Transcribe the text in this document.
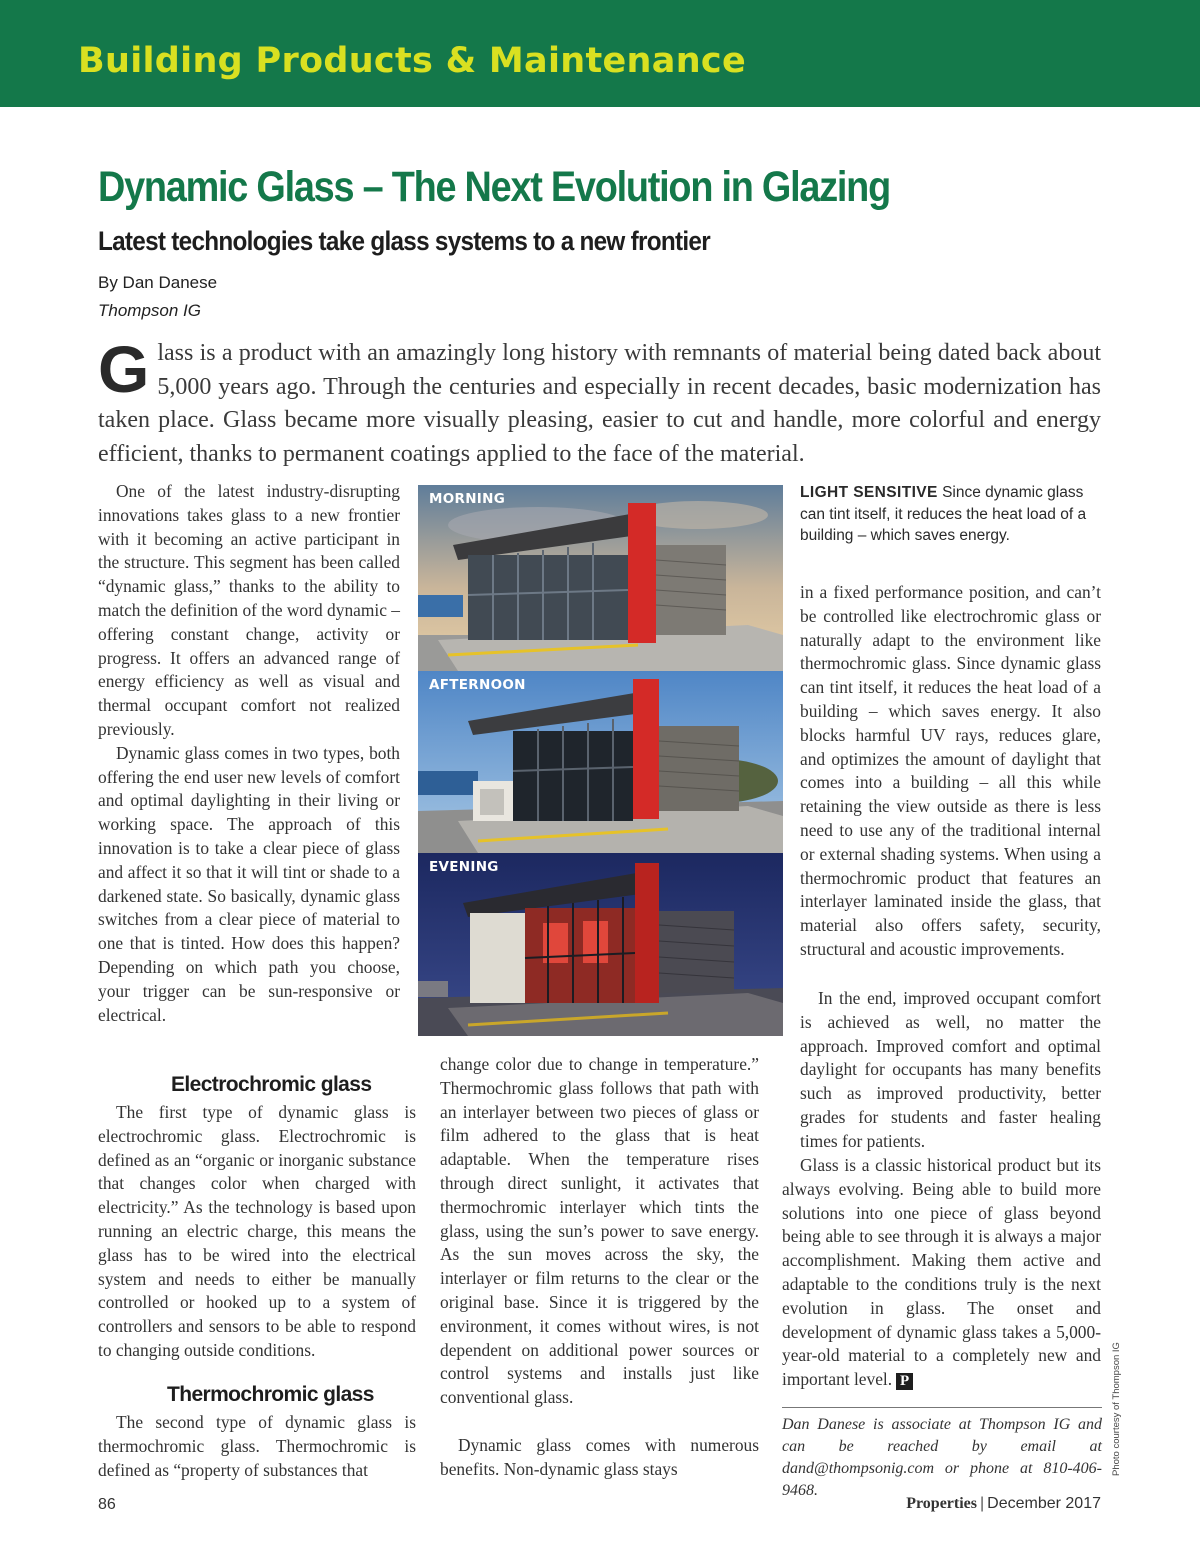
Building Products & Maintenance
Dynamic Glass – The Next Evolution in Glazing
Latest technologies take glass systems to a new frontier
By Dan Danese
Thompson IG

Glass is a product with an amazingly long history with remnants of material being dated back about 5,000 years ago. Through the centuries and especially in recent decades, basic modernization has taken place. Glass became more visually pleasing, easier to cut and handle, more colorful and energy efficient, thanks to permanent coatings applied to the face of the material.

One of the latest industry-disrupting innovations takes glass to a new frontier with it becoming an active participant in the structure. This segment has been called “dynamic glass,” thanks to the ability to match the definition of the word dynamic – offering constant change, activity or progress. It offers an advanced range of energy efficiency as well as visual and thermal occupant comfort not realized previously.

Dynamic glass comes in two types, both offering the end user new levels of comfort and optimal daylighting in their living or working space. The approach of this innovation is to take a clear piece of glass and affect it so that it will tint or shade to a darkened state. So basically, dynamic glass switches from a clear piece of material to one that is tinted. How does this happen? Depending on which path you choose, your trigger can be sun-responsive or electrical.

Electrochromic glass

The first type of dynamic glass is electrochromic glass. Electrochromic is defined as an “organic or inorganic substance that changes color when charged with electricity.” As the technology is based upon running an electric charge, this means the glass has to be wired into the electrical system and needs to either be manually controlled or hooked up to a system of controllers and sensors to be able to respond to changing outside conditions.

Thermochromic glass

The second type of dynamic glass is thermochromic glass. Thermochromic is defined as “property of substances that

MORNING
AFTERNOON
EVENING

change color due to change in temperature.” Thermochromic glass follows that path with an interlayer between two pieces of glass or film adhered to the glass that is heat adaptable. When the temperature rises through direct sunlight, it activates that thermochromic interlayer which tints the glass, using the sun’s power to save energy. As the sun moves across the sky, the interlayer or film returns to the clear or the original base. Since it is triggered by the environment, it comes without wires, is not dependent on additional power sources or control systems and installs just like conventional glass.

Dynamic glass comes with numerous benefits. Non-dynamic glass stays

LIGHT SENSITIVE Since dynamic glass can tint itself, it reduces the heat load of a building – which saves energy.

in a fixed performance position, and can’t be controlled like electrochromic glass or naturally adapt to the environment like thermochromic glass. Since dynamic glass can tint itself, it reduces the heat load of a building – which saves energy. It also blocks harmful UV rays, reduces glare, and optimizes the amount of daylight that comes into a building – all this while retaining the view outside as there is less need to use any of the traditional internal or external shading systems. When using a thermochromic product that features an interlayer laminated inside the glass, that material also offers safety, security, structural and acoustic improvements.

In the end, improved occupant comfort is achieved as well, no matter the approach. Improved comfort and optimal daylight for occupants has many benefits such as improved productivity, better grades for students and faster healing times for patients.

Glass is a classic historical product but its always evolving. Being able to build more solutions into one piece of glass beyond being able to see through it is always a major accomplishment. Making them active and adaptable to the conditions truly is the next evolution in glass. The onset and development of dynamic glass takes a 5,000-year-old material to a completely new and important level. P

Dan Danese is associate at Thompson IG and can be reached by email at dand@thompsonig.com or phone at 810-406-9468.

Photo courtesy of Thompson IG
86	Properties | December 2017
